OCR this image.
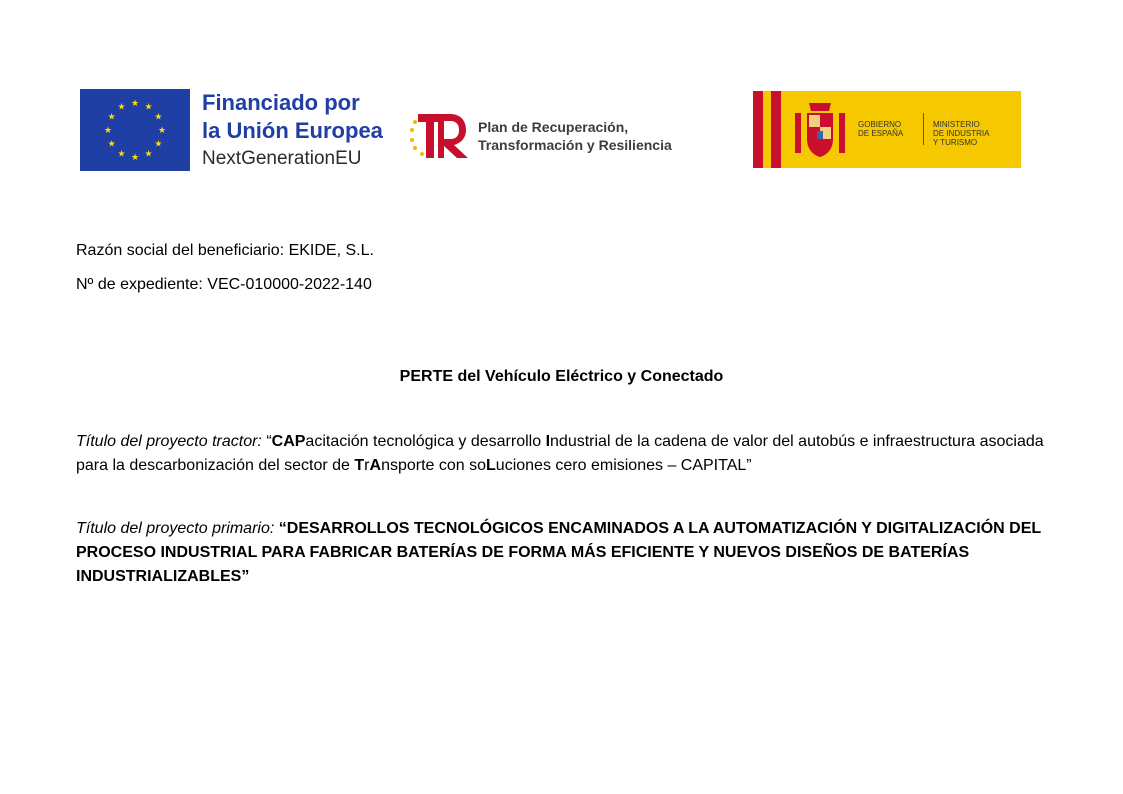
★ ★
★
★
★
★
★
★
★
★
★
★	Financiado por
la Unión Europea
NextGenerationEU
Plan de Recuperación,
Transformación y Resiliencia
GOBIERNO
DE ESPAÑA
MINISTERIO
DE INDUSTRIA
Y TURISMO
Razón social del beneficiario: EKIDE, S.L.
Nº de expediente: VEC-010000-2022-140
PERTE del Vehículo Eléctrico y Conectado
Título del proyecto tractor: “CAPacitación tecnológica y desarrollo Industrial de la cadena de valor del autobús e infraestructura asociada para la descarbonización del sector de TrAnsporte con soLuciones cero emisiones – CAPITAL”
Título del proyecto primario: “DESARROLLOS TECNOLÓGICOS ENCAMINADOS A LA AUTOMATIZACIÓN Y DIGITALIZACIÓN DEL PROCESO INDUSTRIAL PARA FABRICAR BATERÍAS DE FORMA MÁS EFICIENTE Y NUEVOS DISEÑOS DE BATERÍAS INDUSTRIALIZABLES”
